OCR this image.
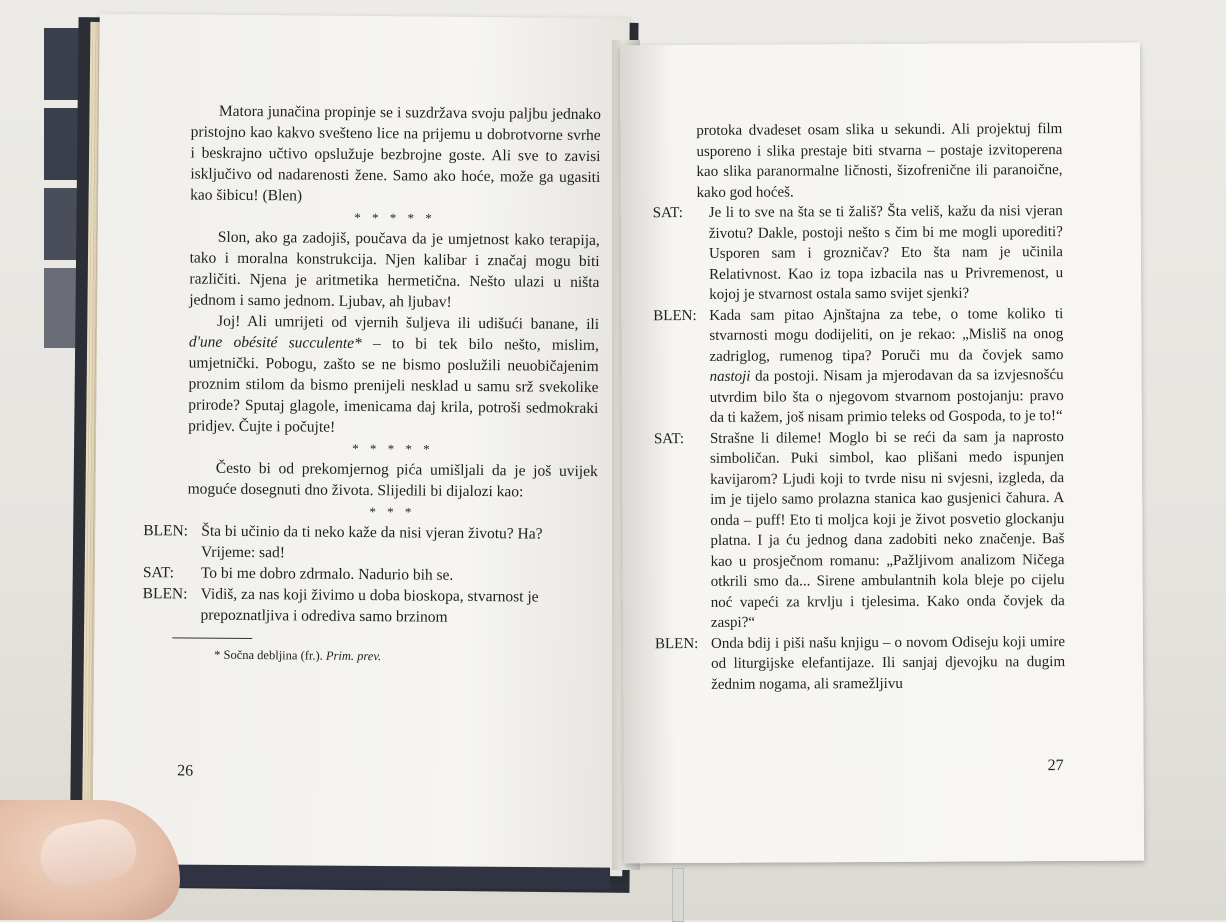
Matora junačina propinje se i suzdržava svoju paljbu jednako pristojno kao kakvo svešteno lice na prijemu u dobrotvorne svrhe i beskrajno učtivo opslužuje bezbrojne goste. Ali sve to zavisi isključivo od nadarenosti žene. Samo ako hoće, može ga ugasiti kao šibicu! (Blen)

* * * * *

Slon, ako ga zadojiš, poučava da je umjetnost kako terapija, tako i moralna konstrukcija. Njen kalibar i značaj mogu biti različiti. Njena je aritmetika hermetična. Nešto ulazi u ništa jednom i samo jednom. Ljubav, ah ljubav!

Joj! Ali umrijeti od vjernih šuljeva ili udišući banane, ili d'une obésité succulente* – to bi tek bilo nešto, mislim, umjetnički. Pobogu, zašto se ne bismo poslužili neuobičajenim proznim stilom da bismo prenijeli nesklad u samu srž svekolike prirode? Sputaj glagole, imenicama daj krila, potroši sedmokraki pridjev. Čujte i počujte!

* * * * *

Često bi od prekomjernog pića umišljali da je još uvijek moguće dosegnuti dno života. Slijedili bi dijalozi kao:

* * *

BLEN: Šta bi učinio da ti neko kaže da nisi vjeran životu? Ha? Vrijeme: sad!
SAT:	To bi me dobro zdrmalo. Nadurio bih se.
BLEN: Vidiš, za nas koji živimo u doba bioskopa, stvarnost je prepoznatljiva i odrediva samo brzinom

* Sočna debljina (fr.). Prim. prev.

26

protoka dvadeset osam slika u sekundi. Ali projektuj film usporeno i slika prestaje biti stvarna – postaje izvitoperena kao slika paranormalne ličnosti, šizofrenične ili paranoične, kako god hoćeš.

SAT:	Je li to sve na šta se ti žališ? Šta veliš, kažu da nisi vjeran životu? Dakle, postoji nešto s čim bi me mogli uporediti? Usporen sam i grozničav? Eto šta nam je učinila Relativnost. Kao iz topa izbacila nas u Privremenost, u kojoj je stvarnost ostala samo svijet sjenki?
BLEN: Kada sam pitao Ajnštajna za tebe, o tome koliko ti stvarnosti mogu dodijeliti, on je rekao: „Misliš na onog zadriglog, rumenog tipa? Poruči mu da čovjek samo nastoji da postoji. Nisam ja mjerodavan da sa izvjesnošću utvrdim bilo šta o njegovom stvarnom postojanju: pravo da ti kažem, još nisam primio teleks od Gospoda, to je to!“
SAT:	Strašne li dileme! Moglo bi se reći da sam ja naprosto simboličan. Puki simbol, kao plišani medo ispunjen kavijarom? Ljudi koji to tvrde nisu ni svjesni, izgleda, da im je tijelo samo prolazna stanica kao gusjenici čahura. A onda – puff! Eto ti moljca koji je život posvetio glockanju platna. I ja ću jednog dana zadobiti neko značenje. Baš kao u prosječnom romanu: „Pažljivom analizom Ničega otkrili smo da... Sirene ambulantnih kola bleje po cijelu noć vapeći za krvlju i tjelesima. Kako onda čovjek da zaspi?“
BLEN: Onda bdij i piši našu knjigu – o novom Odiseju koji umire od liturgijske elefantijaze. Ili sanjaj djevojku na dugim žednim nogama, ali sramežljivu
27
